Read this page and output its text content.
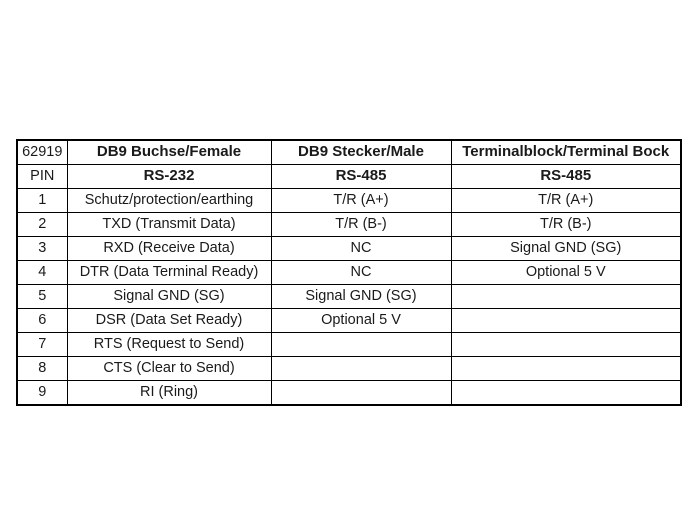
62919	DB9 Buchse/Female	DB9 Stecker/Male	Terminalblock/Terminal Bock
PIN	RS-232	RS-485	RS-485
1	Schutz/protection/earthing	T/R (A+)	T/R (A+)
2	TXD (Transmit Data)	T/R (B-)	T/R (B-)
3	RXD (Receive Data)	NC	Signal GND (SG)
4	DTR (Data Terminal Ready)	NC	Optional 5 V
5	Signal GND (SG)	Signal GND (SG)	
6	DSR (Data Set Ready)	Optional 5 V	
7	RTS (Request to Send)		
8	CTS (Clear to Send)		
9	RI (Ring)		
